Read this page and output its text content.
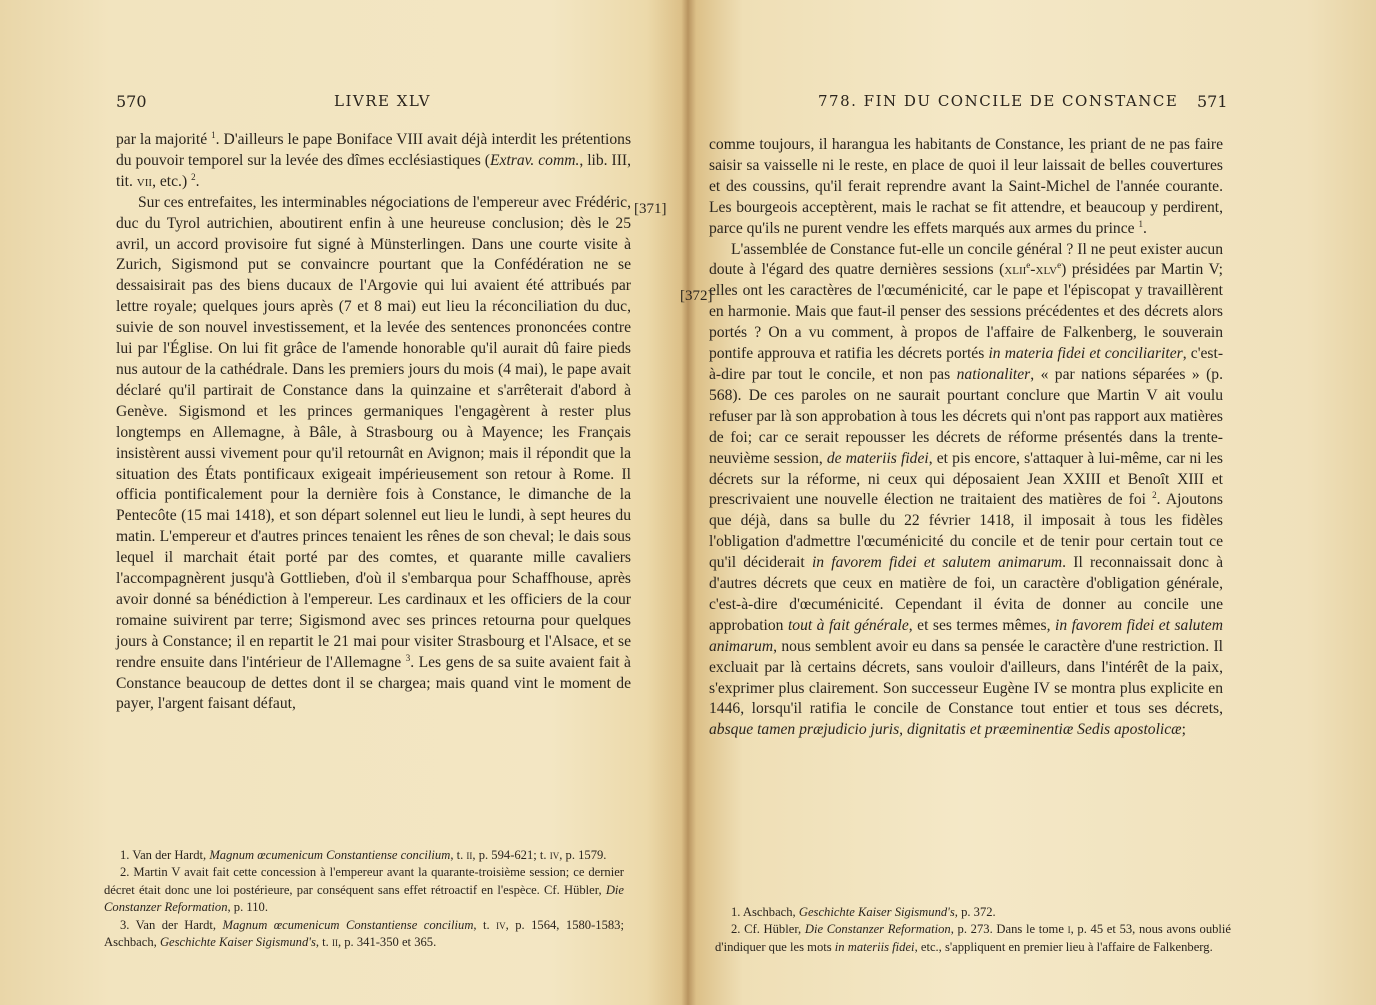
570	LIVRE XLV
[371]

par la majorité $^1$. D'ailleurs le pape Boniface VIII avait déjà interdit les prétentions du pouvoir temporel sur la levée des dîmes ecclésiastiques (Extrav. comm., lib. III, tit. vii, etc.) $^2$.

Sur ces entrefaites, les interminables négociations de l'empereur avec Frédéric, duc du Tyrol autrichien, aboutirent enfin à une heureuse conclusion; dès le 25 avril, un accord provisoire fut signé à Münsterlingen. Dans une courte visite à Zurich, Sigismond put se convaincre pourtant que la Confédération ne se dessaisirait pas des biens ducaux de l'Argovie qui lui avaient été attribués par lettre royale; quelques jours après (7 et 8 mai) eut lieu la réconciliation du duc, suivie de son nouvel investissement, et la levée des sentences prononcées contre lui par l'Église. On lui fit grâce de l'amende honorable qu'il aurait dû faire pieds nus autour de la cathédrale. Dans les premiers jours du mois (4 mai), le pape avait déclaré qu'il partirait de Constance dans la quinzaine et s'arrêterait d'abord à Genève. Sigismond et les princes germaniques l'engagèrent à rester plus longtemps en Allemagne, à Bâle, à Strasbourg ou à Mayence; les Français insistèrent aussi vivement pour qu'il retournât en Avignon; mais il répondit que la situation des États pontificaux exigeait impérieusement son retour à Rome. Il officia pontificalement pour la dernière fois à Constance, le dimanche de la Pentecôte (15 mai 1418), et son départ solennel eut lieu le lundi, à sept heures du matin. L'empereur et d'autres princes tenaient les rênes de son cheval; le dais sous lequel il marchait était porté par des comtes, et quarante mille cavaliers l'accompagnèrent jusqu'à Gottlieben, d'où il s'embarqua pour Schaffhouse, après avoir donné sa bénédiction à l'empereur. Les cardinaux et les officiers de la cour romaine suivirent par terre; Sigismond avec ses princes retourna pour quelques jours à Constance; il en repartit le 21 mai pour visiter Strasbourg et l'Alsace, et se rendre ensuite dans l'intérieur de l'Allemagne $^3$. Les gens de sa suite avaient fait à Constance beaucoup de dettes dont il se chargea; mais quand vint le moment de payer, l'argent faisant défaut,

1. Van der Hardt, Magnum œcumenicum Constantiense concilium, t. ii, p. 594-621; t. iv, p. 1579.

2. Martin V avait fait cette concession à l'empereur avant la quarante-troisième session; ce dernier décret était donc une loi postérieure, par conséquent sans effet rétroactif en l'espèce. Cf. Hübler, Die Constanzer Reformation, p. 110.

3. Van der Hardt, Magnum œcumenicum Constantiense concilium, t. iv, p. 1564, 1580-1583; Aschbach, Geschichte Kaiser Sigismund's, t. ii, p. 341-350 et 365.

778. FIN DU CONCILE DE CONSTANCE 571
[372]

comme toujours, il harangua les habitants de Constance, les priant de ne pas faire saisir sa vaisselle ni le reste, en place de quoi il leur laissait de belles couvertures et des coussins, qu'il ferait reprendre avant la Saint-Michel de l'année courante. Les bourgeois acceptèrent, mais le rachat se fit attendre, et beaucoup y perdirent, parce qu'ils ne purent vendre les effets marqués aux armes du prince $^1$.

L'assemblée de Constance fut-elle un concile général ? Il ne peut exister aucun doute à l'égard des quatre dernières sessions (xlii$^e$-xlv$^e$) présidées par Martin V; elles ont les caractères de l'œcuménicité, car le pape et l'épiscopat y travaillèrent en harmonie. Mais que faut-il penser des sessions précédentes et des décrets alors portés ? On a vu comment, à propos de l'affaire de Falkenberg, le souverain pontife approuva et ratifia les décrets portés in materia fidei et conciliariter, c'est-à-dire par tout le concile, et non pas nationaliter, « par nations séparées » (p. 568). De ces paroles on ne saurait pourtant conclure que Martin V ait voulu refuser par là son approbation à tous les décrets qui n'ont pas rapport aux matières de foi; car ce serait repousser les décrets de réforme présentés dans la trente-neuvième session, de materiis fidei, et pis encore, s'attaquer à lui-même, car ni les décrets sur la réforme, ni ceux qui déposaient Jean XXIII et Benoît XIII et prescrivaient une nouvelle élection ne traitaient des matières de foi $^2$. Ajoutons que déjà, dans sa bulle du 22 février 1418, il imposait à tous les fidèles l'obligation d'admettre l'œcuménicité du concile et de tenir pour certain tout ce qu'il déciderait in favorem fidei et salutem animarum. Il reconnaissait donc à d'autres décrets que ceux en matière de foi, un caractère d'obligation générale, c'est-à-dire d'œcuménicité. Cependant il évita de donner au concile une approbation tout à fait générale, et ses termes mêmes, in favorem fidei et salutem animarum, nous semblent avoir eu dans sa pensée le caractère d'une restriction. Il excluait par là certains décrets, sans vouloir d'ailleurs, dans l'intérêt de la paix, s'exprimer plus clairement. Son successeur Eugène IV se montra plus explicite en 1446, lorsqu'il ratifia le concile de Constance tout entier et tous ses décrets, absque tamen præjudicio juris, dignitatis et præeminentiæ Sedis apostolicæ;

1. Aschbach, Geschichte Kaiser Sigismund's, p. 372.

2. Cf. Hübler, Die Constanzer Reformation, p. 273. Dans le tome i, p. 45 et 53, nous avons oublié d'indiquer que les mots in materiis fidei, etc., s'appliquent en premier lieu à l'affaire de Falkenberg.
